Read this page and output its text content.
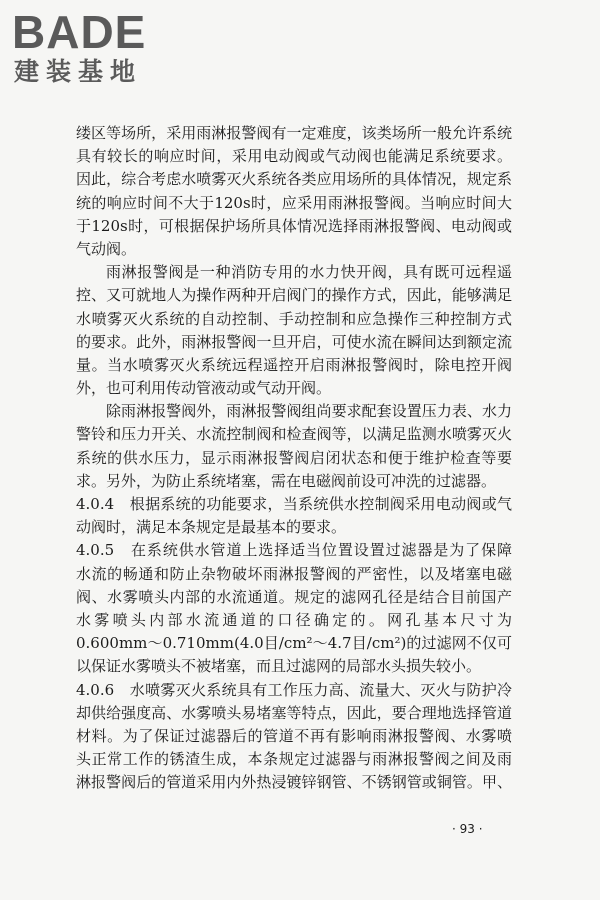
BADE
建装基地
缕区等场所，采用雨淋报警阀有一定难度，该类场所一般允许系统
具有较长的响应时间，采用电动阀或气动阀也能满足系统要求。
因此，综合考虑水喷雾灭火系统各类应用场所的具体情况，规定系
统的响应时间不大于120s时，应采用雨淋报警阀。当响应时间大
于120s时，可根据保护场所具体情况选择雨淋报警阀、电动阀或
气动阀。
雨淋报警阀是一种消防专用的水力快开阀，具有既可远程遥
控、又可就地人为操作两种开启阀门的操作方式，因此，能够满足
水喷雾灭火系统的自动控制、手动控制和应急操作三种控制方式
的要求。此外，雨淋报警阀一旦开启，可使水流在瞬间达到额定流
量。当水喷雾灭火系统远程遥控开启雨淋报警阀时，除电控开阀
外，也可利用传动管液动或气动开阀。
除雨淋报警阀外，雨淋报警阀组尚要求配套设置压力表、水力
警铃和压力开关、水流控制阀和检查阀等，以满足监测水喷雾灭火
系统的供水压力，显示雨淋报警阀启闭状态和便于维护检查等要
求。另外，为防止系统堵塞，需在电磁阀前设可冲洗的过滤器。
4.0.4　根据系统的功能要求，当系统供水控制阀采用电动阀或气
动阀时，满足本条规定是最基本的要求。
4.0.5　在系统供水管道上选择适当位置设置过滤器是为了保障
水流的畅通和防止杂物破坏雨淋报警阀的严密性，以及堵塞电磁
阀、水雾喷头内部的水流通道。规定的滤网孔径是结合目前国产
水雾喷头内部水流通道的口径确定的。网孔基本尺寸为
0.600mm～0.710mm(4.0目/cm²～4.7目/cm²)的过滤网不仅可
以保证水雾喷头不被堵塞，而且过滤网的局部水头损失较小。
4.0.6　水喷雾灭火系统具有工作压力高、流量大、灭火与防护冷
却供给强度高、水雾喷头易堵塞等特点，因此，要合理地选择管道
材料。为了保证过滤器后的管道不再有影响雨淋报警阀、水雾喷
头正常工作的锈渣生成，本条规定过滤器与雨淋报警阀之间及雨
淋报警阀后的管道采用内外热浸镀锌钢管、不锈钢管或铜管。甲、
· 93 ·
